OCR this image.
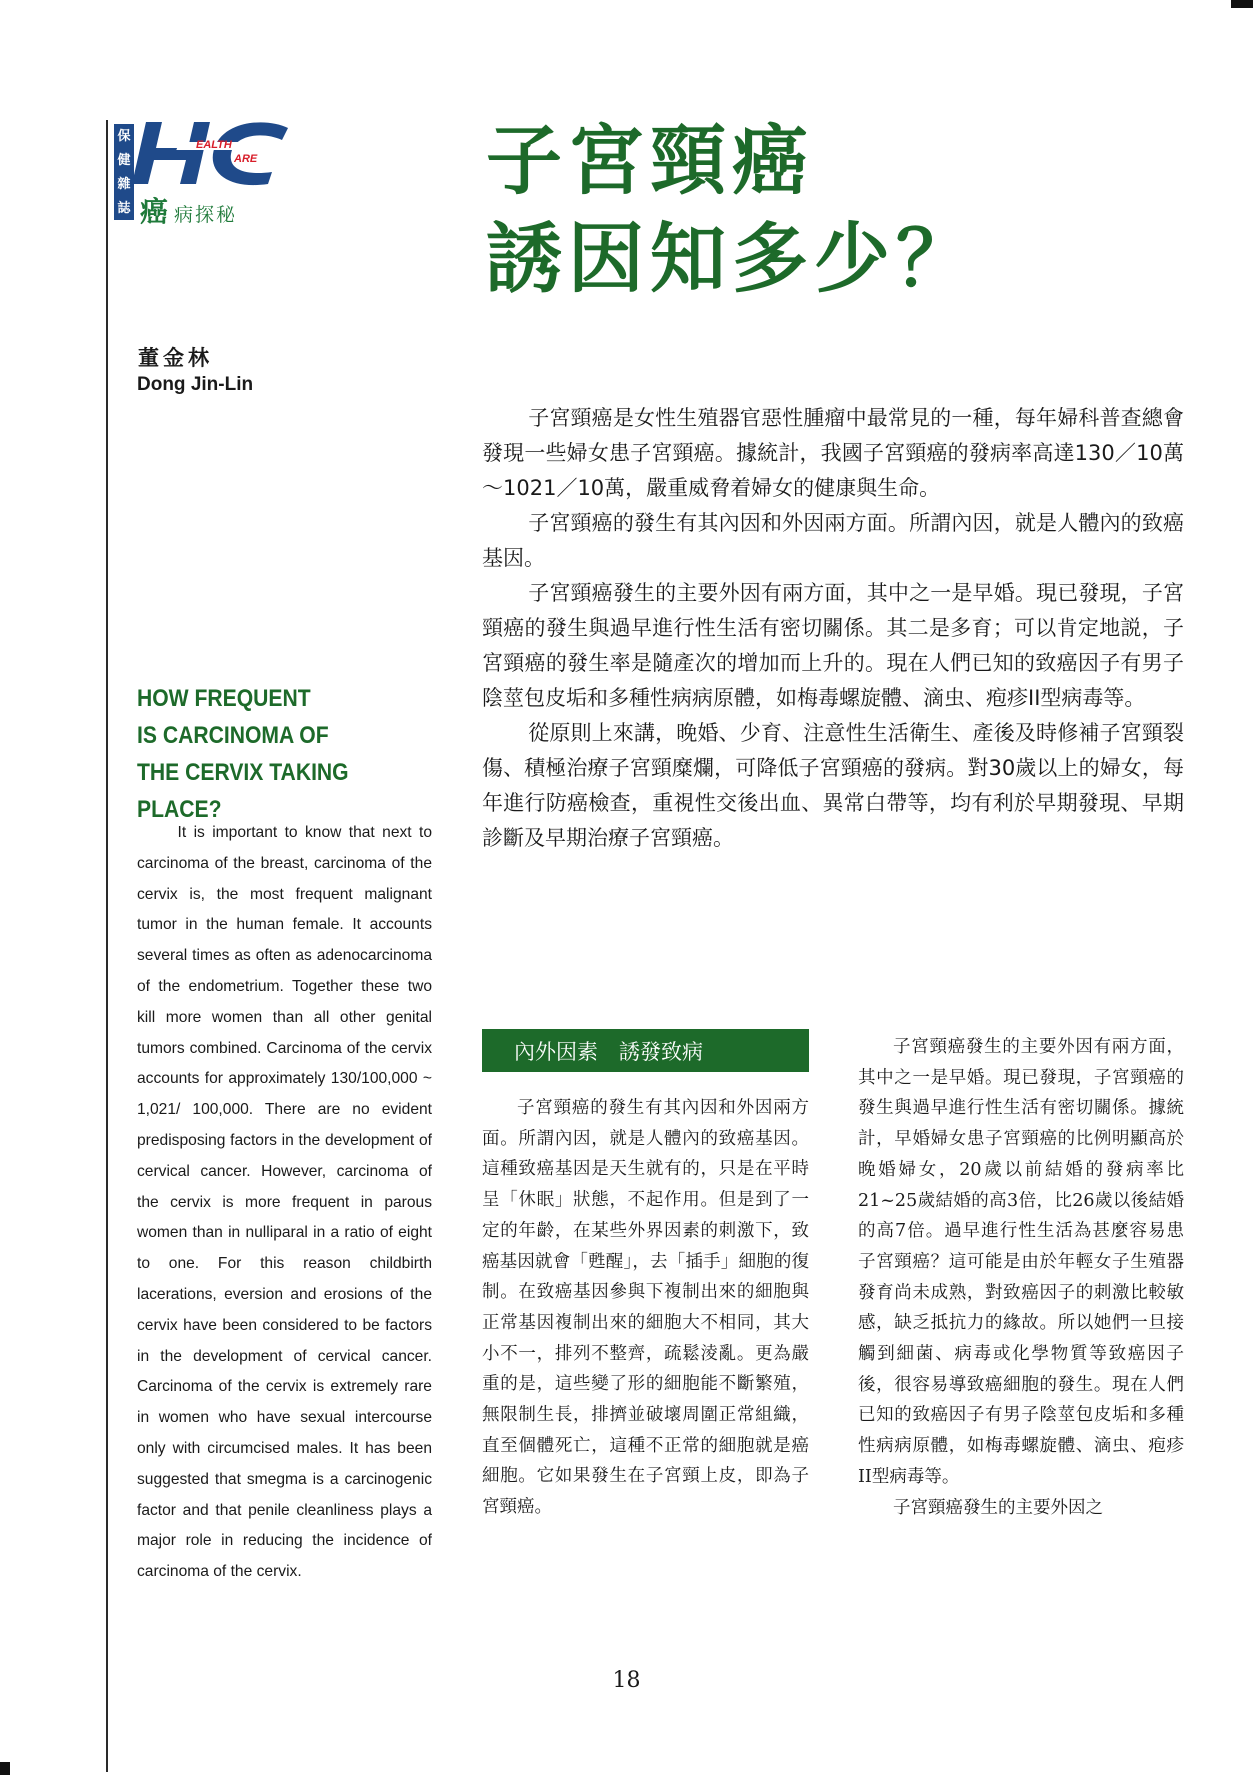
保
健
雜
誌
EALTH
ARE
癌 病探秘
子宮頸癌
誘因知多少？
董金林
Dong Jin-Lin

子宮頸癌是女性生殖器官惡性腫瘤中最常見的一種，每年婦科普查總會發現一些婦女患子宮頸癌。據統計，我國子宮頸癌的發病率高達130／10萬～1021／10萬，嚴重威脅着婦女的健康與生命。

子宮頸癌的發生有其內因和外因兩方面。所謂內因，就是人體內的致癌基因。

子宮頸癌發生的主要外因有兩方面，其中之一是早婚。現已發現，子宮頸癌的發生與過早進行性生活有密切關係。其二是多育；可以肯定地説，子宮頸癌的發生率是隨產次的增加而上升的。現在人們已知的致癌因子有男子陰莖包皮垢和多種性病病原體，如梅毒螺旋體、滴虫、疱疹II型病毒等。

從原則上來講，晚婚、少育、注意性生活衛生、產後及時修補子宮頸裂傷、積極治療子宮頸糜爛，可降低子宮頸癌的發病。對30歲以上的婦女，每年進行防癌檢查，重視性交後出血、異常白帶等，均有利於早期發現、早期診斷及早期治療子宮頸癌。

HOW FREQUENT
IS CARCINOMA OF
THE CERVIX TAKING PLACE?

It is important to know that next to carcinoma of the breast, carcinoma of the cervix is, the most frequent malignant tumor in the human female. It accounts several times as often as adenocarcinoma of the endometrium. Together these two kill more women than all other genital tumors combined. Carcinoma of the cervix accounts for approximately 130/100,000 ~ 1,021/ 100,000. There are no evident predisposing factors in the development of cervical cancer. However, carcinoma of the cervix is more frequent in parous women than in nulliparal in a ratio of eight to one. For this reason childbirth lacerations, eversion and erosions of the cervix have been considered to be factors in the development of cervical cancer. Carcinoma of the cervix is extremely rare in women who have sexual intercourse only with circumcised males. It has been suggested that smegma is a carcinogenic factor and that penile cleanliness plays a major role in reducing the incidence of carcinoma of the cervix.

內外因素　誘發致病

子宮頸癌的發生有其內因和外因兩方面。所謂內因，就是人體內的致癌基因。這種致癌基因是天生就有的，只是在平時呈「休眠」狀態，不起作用。但是到了一定的年齡，在某些外界因素的刺激下，致癌基因就會「甦醒」，去「插手」細胞的復制。在致癌基因參與下複制出來的細胞與正常基因複制出來的細胞大不相同，其大小不一，排列不整齊，疏鬆淩亂。更為嚴重的是，這些變了形的細胞能不斷繁殖，無限制生長，排擠並破壞周圍正常組織，直至個體死亡，這種不正常的細胞就是癌細胞。它如果發生在子宮頸上皮，即為子宮頸癌。

子宮頸癌發生的主要外因有兩方面，其中之一是早婚。現已發現，子宮頸癌的發生與過早進行性生活有密切關係。據統計，早婚婦女患子宮頸癌的比例明顯高於晚婚婦女，20歲以前結婚的發病率比21~25歲結婚的高3倍，比26歲以後結婚的高7倍。過早進行性生活為甚麼容易患子宮頸癌？這可能是由於年輕女子生殖器發育尚未成熟，對致癌因子的刺激比較敏感，缺乏抵抗力的緣故。所以她們一旦接觸到細菌、病毒或化學物質等致癌因子後，很容易導致癌細胞的發生。現在人們已知的致癌因子有男子陰莖包皮垢和多種性病病原體，如梅毒螺旋體、滴虫、疱疹II型病毒等。

子宮頸癌發生的主要外因之

18
